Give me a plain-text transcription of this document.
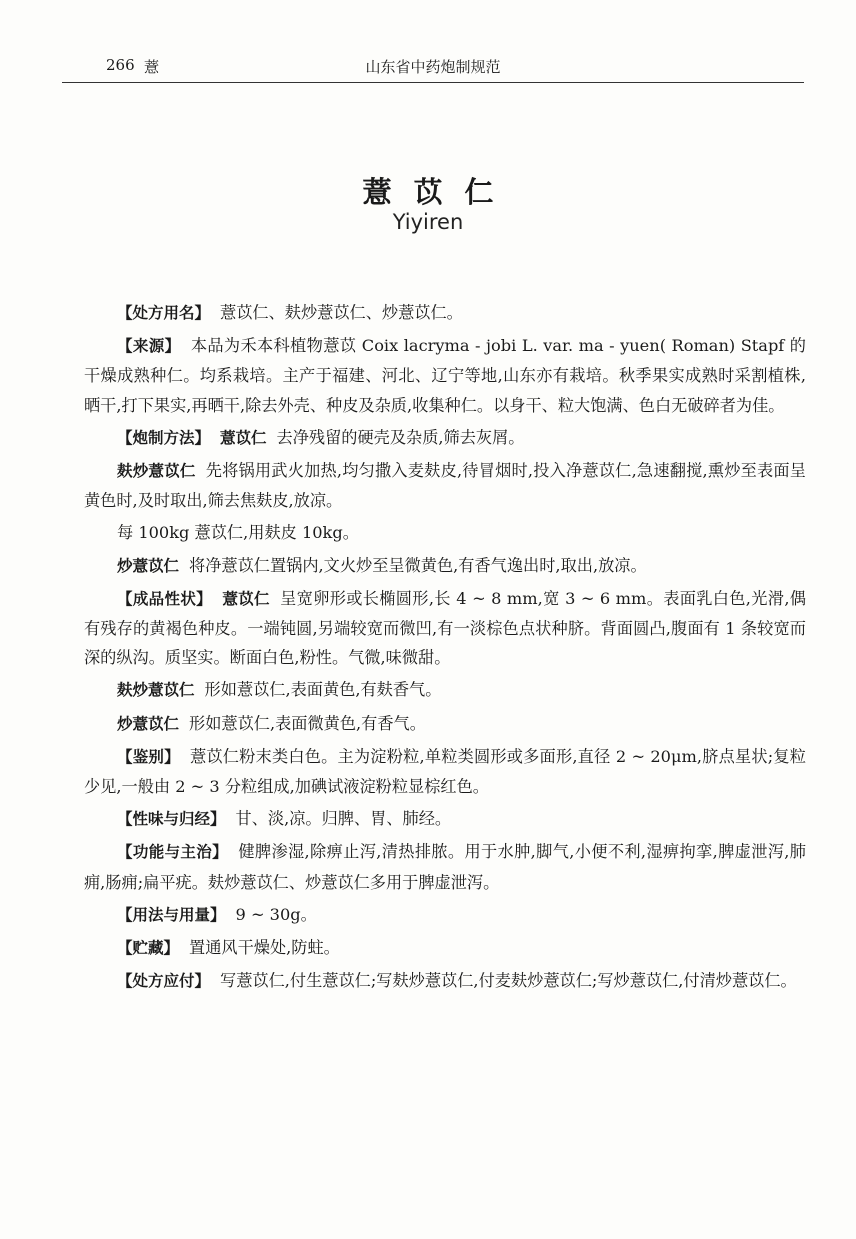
266 薏	山东省中药炮制规范
薏苡仁
Yiyiren

【处方用名】 薏苡仁、麸炒薏苡仁、炒薏苡仁。

【来源】 本品为禾本科植物薏苡 Coix lacryma - jobi L. var. ma - yuen( Roman) Stapf 的干燥成熟种仁。均系栽培。主产于福建、河北、辽宁等地,山东亦有栽培。秋季果实成熟时采割植株,晒干,打下果实,再晒干,除去外壳、种皮及杂质,收集种仁。以身干、粒大饱满、色白无破碎者为佳。

【炮制方法】 薏苡仁 去净残留的硬壳及杂质,筛去灰屑。

麸炒薏苡仁 先将锅用武火加热,均匀撒入麦麸皮,待冒烟时,投入净薏苡仁,急速翻搅,熏炒至表面呈黄色时,及时取出,筛去焦麸皮,放凉。

每 100kg 薏苡仁,用麸皮 10kg。

炒薏苡仁 将净薏苡仁置锅内,文火炒至呈微黄色,有香气逸出时,取出,放凉。

【成品性状】 薏苡仁 呈宽卵形或长椭圆形,长 4 ~ 8 mm,宽 3 ~ 6 mm。表面乳白色,光滑,偶有残存的黄褐色种皮。一端钝圆,另端较宽而微凹,有一淡棕色点状种脐。背面圆凸,腹面有 1 条较宽而深的纵沟。质坚实。断面白色,粉性。气微,味微甜。

麸炒薏苡仁 形如薏苡仁,表面黄色,有麸香气。

炒薏苡仁 形如薏苡仁,表面微黄色,有香气。

【鉴别】 薏苡仁粉末类白色。主为淀粉粒,单粒类圆形或多面形,直径 2 ~ 20μm,脐点星状;复粒少见,一般由 2 ~ 3 分粒组成,加碘试液淀粉粒显棕红色。

【性味与归经】 甘、淡,凉。归脾、胃、肺经。

【功能与主治】 健脾渗湿,除痹止泻,清热排脓。用于水肿,脚气,小便不利,湿痹拘挛,脾虚泄泻,肺痈,肠痈;扁平疣。麸炒薏苡仁、炒薏苡仁多用于脾虚泄泻。

【用法与用量】 9 ~ 30g。

【贮藏】 置通风干燥处,防蛀。

【处方应付】 写薏苡仁,付生薏苡仁;写麸炒薏苡仁,付麦麸炒薏苡仁;写炒薏苡仁,付清炒薏苡仁。
